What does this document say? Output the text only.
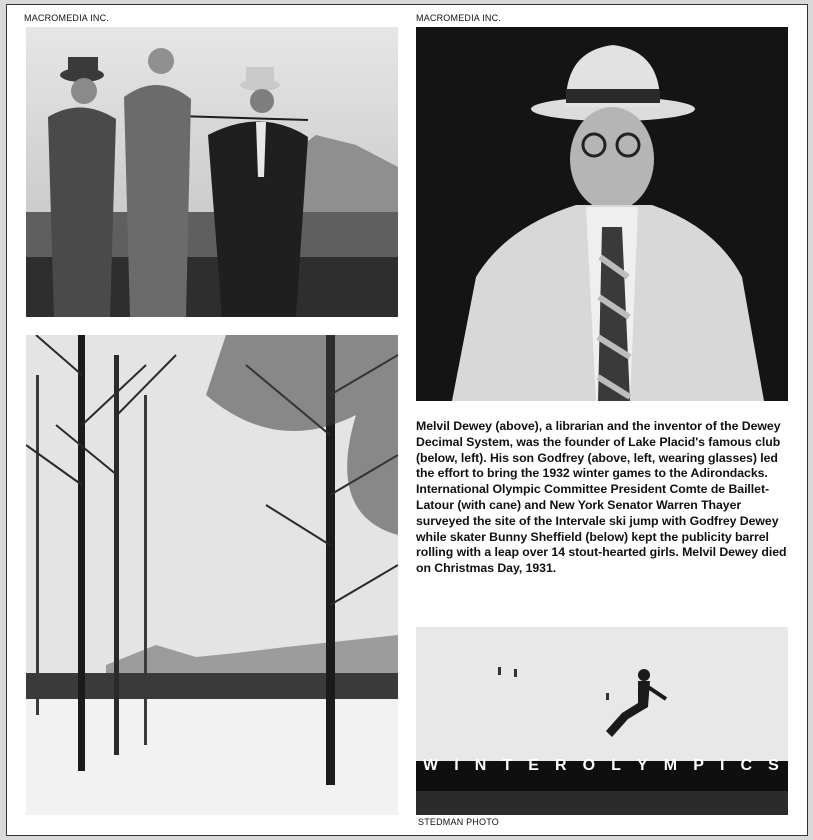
MACROMEDIA INC.	MACROMEDIA INC.
Melvil Dewey (above), a librarian and the inventor of the Dewey Decimal System, was the founder of Lake Placid's famous club (below, left). His son Godfrey (above, left, wearing glasses) led the effort to bring the 1932 winter games to the Adirondacks. International Olympic Committee President Comte de Baillet-Latour (with cane) and New York Senator Warren Thayer surveyed the site of the Intervale ski jump with Godfrey Dewey while skater Bunny Sheffield (below) kept the publicity barrel rolling with a leap over 14 stout-hearted girls. Melvil Dewey died on Christmas Day, 1931.
W I N T E R O L Y M P I C S
STEDMAN PHOTO
